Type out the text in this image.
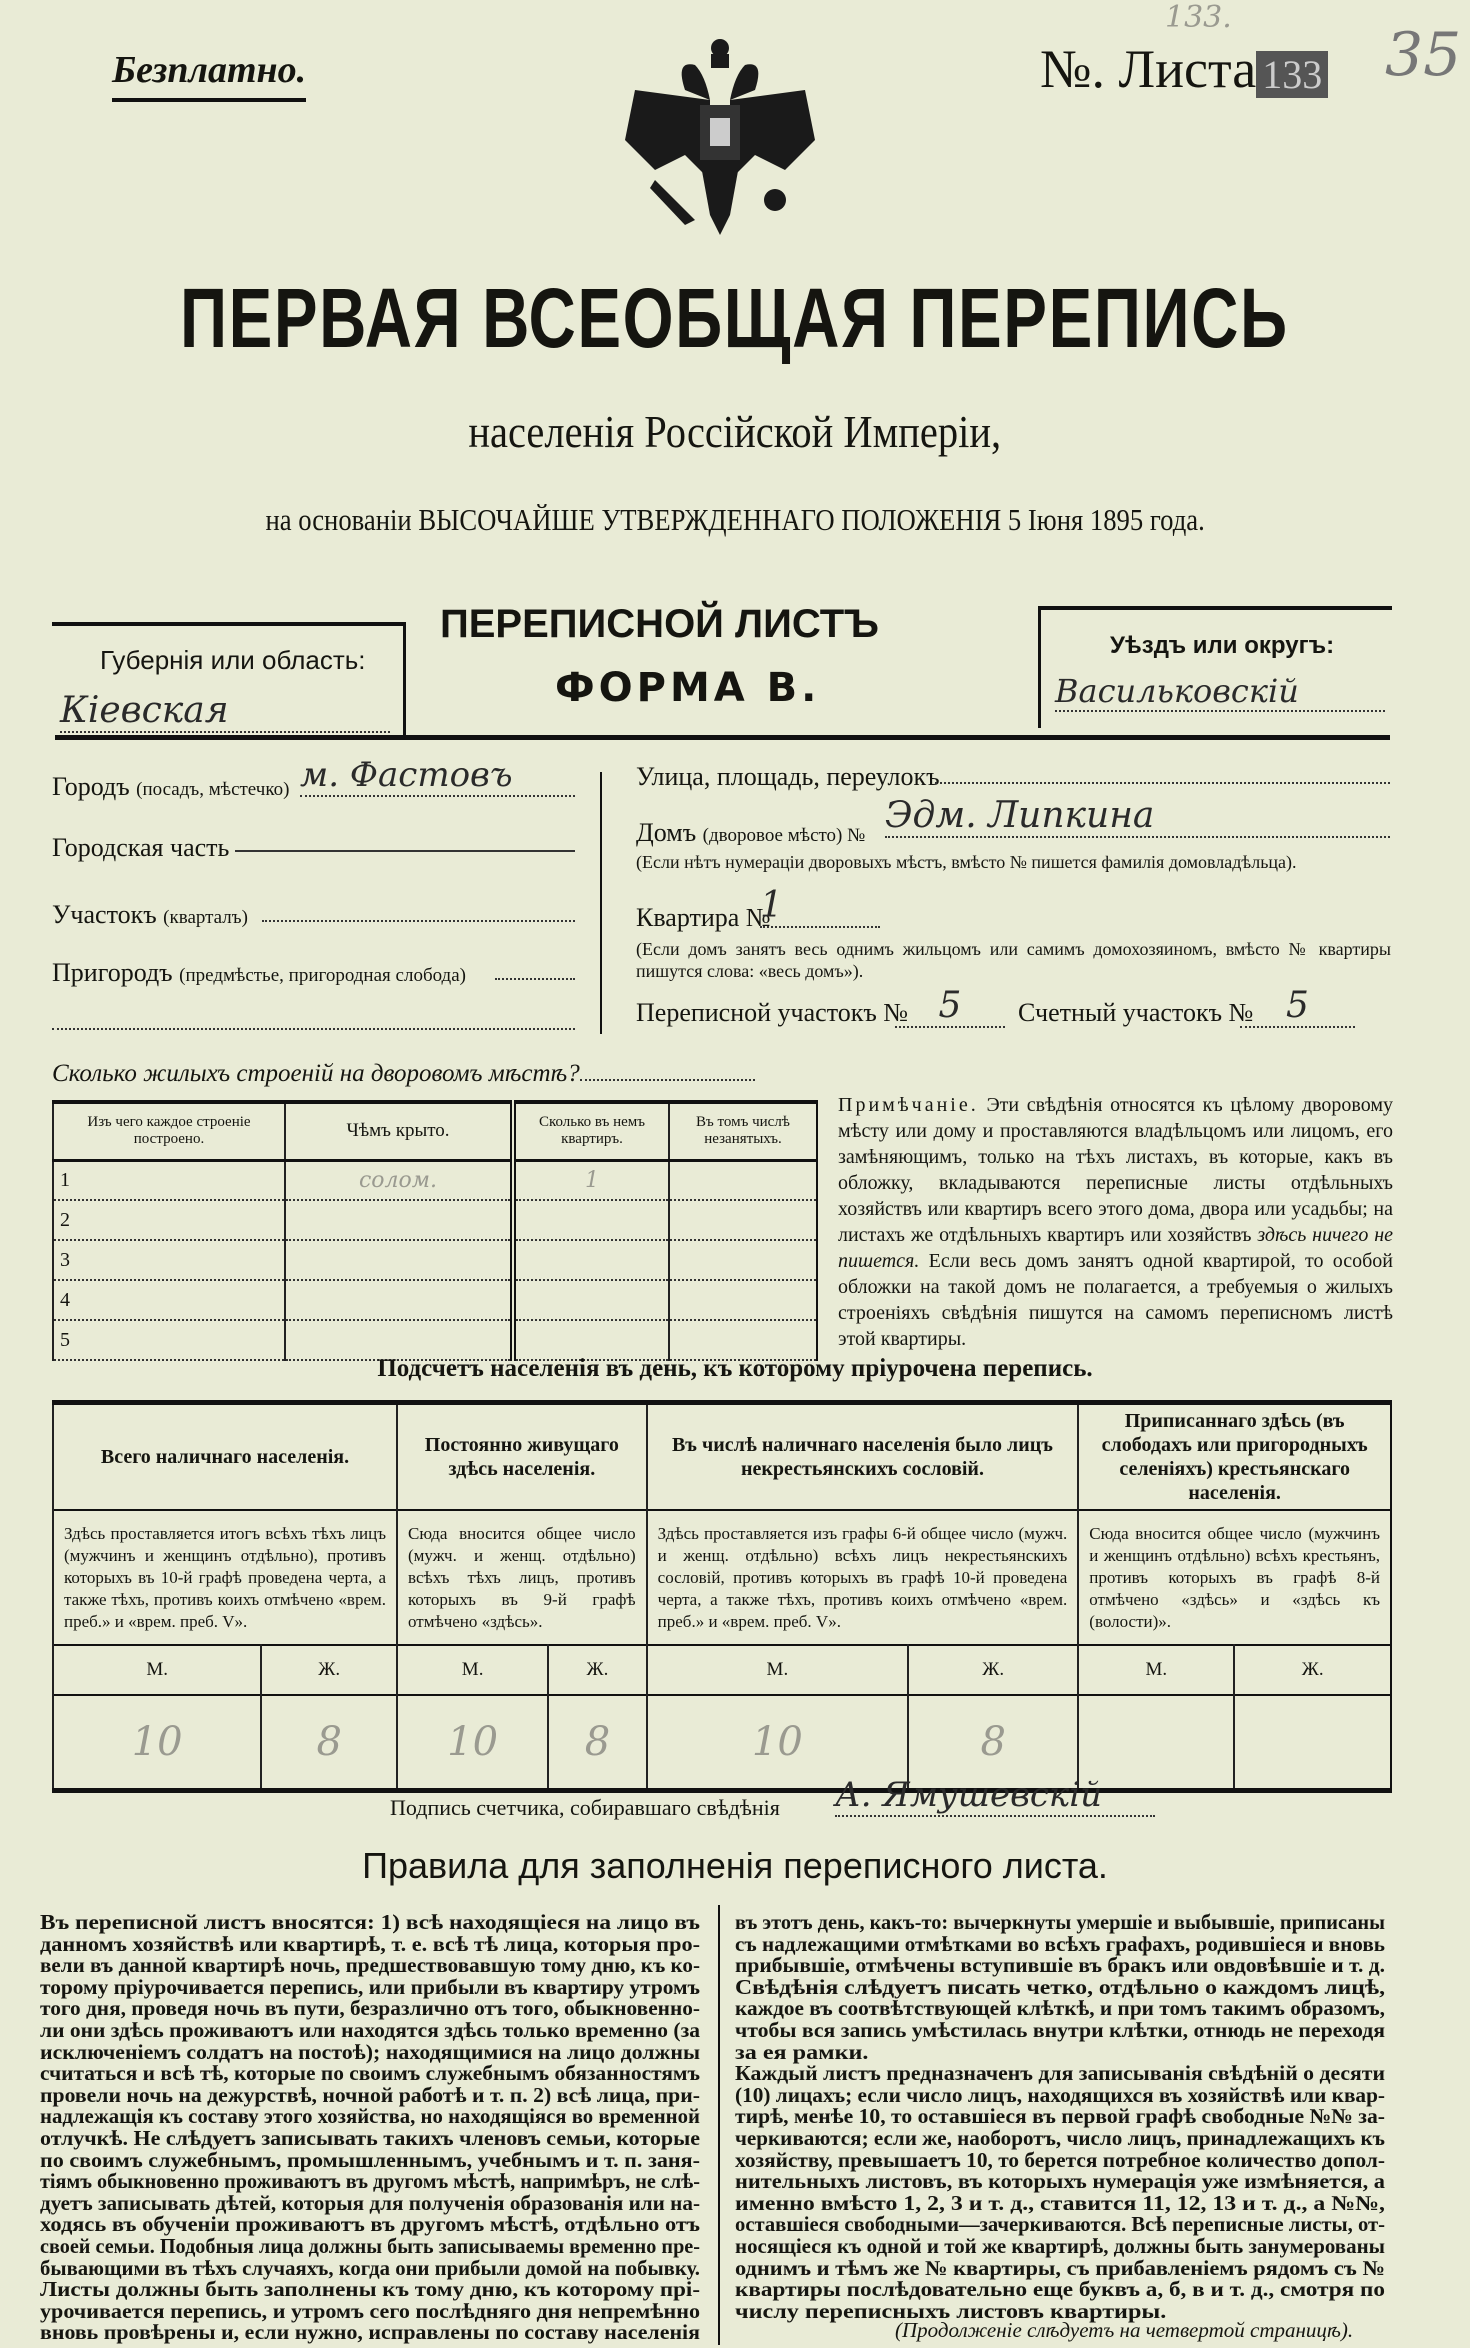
Безплатно.	№. Листа 133
133.
35
ПЕРВАЯ ВСЕОБЩАЯ ПЕРЕПИСЬ
населенія Россійской Имперіи,
на основаніи ВЫСОЧАЙШЕ УТВЕРЖДЕННАГО ПОЛОЖЕНІЯ 5 Іюня 1895 года.
Губернія или область:
Кіевская
ПЕРЕПИСНОЙ ЛИСТЪ
ФОРМА В.
Уѣздъ или округъ:
Васильковскій
Городъ (посадъ, мѣстечко) м. Фастовъ
Городская часть
Участокъ (кварталъ)
Пригородъ (предмѣстье, пригородная слобода)
Улица, площадь, переулокъ
Домъ (дворовое мѣсто) № Эдм. Липкина
(Если нѣтъ нумераціи дворовыхъ мѣстъ, вмѣсто № пишется фамилія домовладѣльца).
Квартира №
1
(Если домъ занятъ весь однимъ жильцомъ или самимъ домохозяиномъ, вмѣсто № квартиры пишутся слова: «весь домъ»).
Переписной участокъ № 5	Счетный участокъ № 5
Сколько жилыхъ строеній на дворовомъ мѣстѣ?
Изъ чего каждое строеніе построено.	Чѣмъ крыто.	Сколько въ немъ квартиръ.	Въ томъ числѣ незанятыхъ.
1	солом.	1	
2			
3			
4			
5			
Примѣчаніе. Эти свѣдѣнія относятся къ цѣлому дворовому мѣсту или дому и проставляются владѣльцомъ или лицомъ, его замѣняющимъ, только на тѣхъ листахъ, въ которые, какъ въ обложку, вкладываются переписные листы отдѣльныхъ хозяйствъ или квартиръ всего этого дома, двора или усадьбы; на листахъ же отдѣльныхъ квартиръ или хозяйствъ здѣсь ничего не пишется. Если весь домъ занятъ одной квартирой, то особой обложки на такой домъ не полагается, а требуемыя о жилыхъ строеніяхъ свѣдѣнія пишутся на самомъ переписномъ листѣ этой квартиры.
Подсчетъ населенія въ день, къ которому пріурочена перепись.
Всего наличнаго населенія.		Постоянно живущаго здѣсь населенія.		Въ числѣ наличнаго населенія было лицъ некрестьянскихъ сословій.		Приписаннаго здѣсь (въ слободахъ или пригородныхъ селеніяхъ) крестьянскаго населенія.	
Здѣсь проставляется итогъ всѣхъ тѣхъ лицъ (мужчинъ и женщинъ отдѣльно), противъ которыхъ въ 10-й графѣ проведена черта, а также тѣхъ, противъ коихъ отмѣчено «врем. преб.» и «врем. преб. V».		Сюда вносится общее число (мужч. и женщ. отдѣльно) всѣхъ тѣхъ лицъ, противъ которыхъ въ 9-й графѣ отмѣчено «здѣсь».		Здѣсь проставляется изъ графы 6-й общее число (мужч. и женщ. отдѣльно) всѣхъ лицъ некрестьянскихъ сословій, противъ которыхъ въ графѣ 10-й проведена черта, а также тѣхъ, противъ коихъ отмѣчено «врем. преб.» и «врем. преб. V».		Сюда вносится общее число (мужчинъ и женщинъ отдѣльно) всѣхъ крестьянъ, противъ которыхъ въ графѣ 8-й отмѣчено «здѣсь» и «здѣсь къ (волости)».	
М.	Ж.	М.	Ж.	М.	Ж.	М.	Ж.
10	8	10	8	10	8		
Подпись счетчика, собиравшаго свѣдѣнія А. Ямушевскій
Правила для заполненія переписного листа.
Въ переписной листъ вносятся: 1) всѣ находящіеся на лицо въ
данномъ хозяйствѣ или квартирѣ, т. е. всѣ тѣ лица, которыя про-
вели въ данной квартирѣ ночь, предшествовавшую тому дню, къ ко-
торому пріурочивается перепись, или прибыли въ квартиру утромъ
того дня, проведя ночь въ пути, безразлично отъ того, обыкновенно-
ли они здѣсь проживаютъ или находятся здѣсь только временно (за
исключеніемъ солдатъ на постоѣ); находящимися на лицо должны
считаться и всѣ тѣ, которые по своимъ служебнымъ обязанностямъ
провели ночь на дежурствѣ, ночной работѣ и т. п. 2) всѣ лица, при-
надлежащія къ составу этого хозяйства, но находящіяся во временной
отлучкѣ. Не слѣдуетъ записывать такихъ членовъ семьи, которые
по своимъ служебнымъ, промышленнымъ, учебнымъ и т. п. заня-
тіямъ обыкновенно проживаютъ въ другомъ мѣстѣ, напримѣръ, не слѣ-
дуетъ записывать дѣтей, которыя для полученія образованія или на-
ходясь въ обученіи проживаютъ въ другомъ мѣстѣ, отдѣльно отъ
своей семьи. Подобныя лица должны быть записываемы временно пре-
бывающими въ тѣхъ случаяхъ, когда они прибыли домой на побывку.
Листы должны быть заполнены къ тому дню, къ которому прі-
урочивается перепись, и утромъ сего послѣдняго дня непремѣнно
вновь провѣрены и, если нужно, исправлены по составу населенія
въ этотъ день, какъ-то: вычеркнуты умершіе и выбывшіе, приписаны
съ надлежащими отмѣтками во всѣхъ графахъ, родившіеся и вновь
прибывшіе, отмѣчены вступившіе въ бракъ или овдовѣвшіе и т. д.
Свѣдѣнія слѣдуетъ писать четко, отдѣльно о каждомъ лицѣ,
каждое въ соотвѣтствующей клѣткѣ, и при томъ такимъ образомъ,
чтобы вся запись умѣстилась внутри клѣтки, отнюдь не переходя
за ея рамки.
Каждый листъ предназначенъ для записыванія свѣдѣній о десяти
(10) лицахъ; если число лицъ, находящихся въ хозяйствѣ или квар-
тирѣ, менѣе 10, то оставшіеся въ первой графѣ свободные №№ за-
черкиваются; если же, наоборотъ, число лицъ, принадлежащихъ къ
хозяйству, превышаетъ 10, то берется потребное количество допол-
нительныхъ листовъ, въ которыхъ нумерація уже измѣняется, а
именно вмѣсто 1, 2, 3 и т. д., ставится 11, 12, 13 и т. д., а №№,
оставшіеся свободными—зачеркиваются. Всѣ переписные листы, от-
носящіеся къ одной и той же квартирѣ, должны быть занумерованы
однимъ и тѣмъ же № квартиры, съ прибавленіемъ рядомъ съ №
квартиры послѣдовательно еще буквъ а, б, в и т. д., смотря по
числу переписныхъ листовъ квартиры.
(Продолженіе слѣдуетъ на четвертой страницѣ).
